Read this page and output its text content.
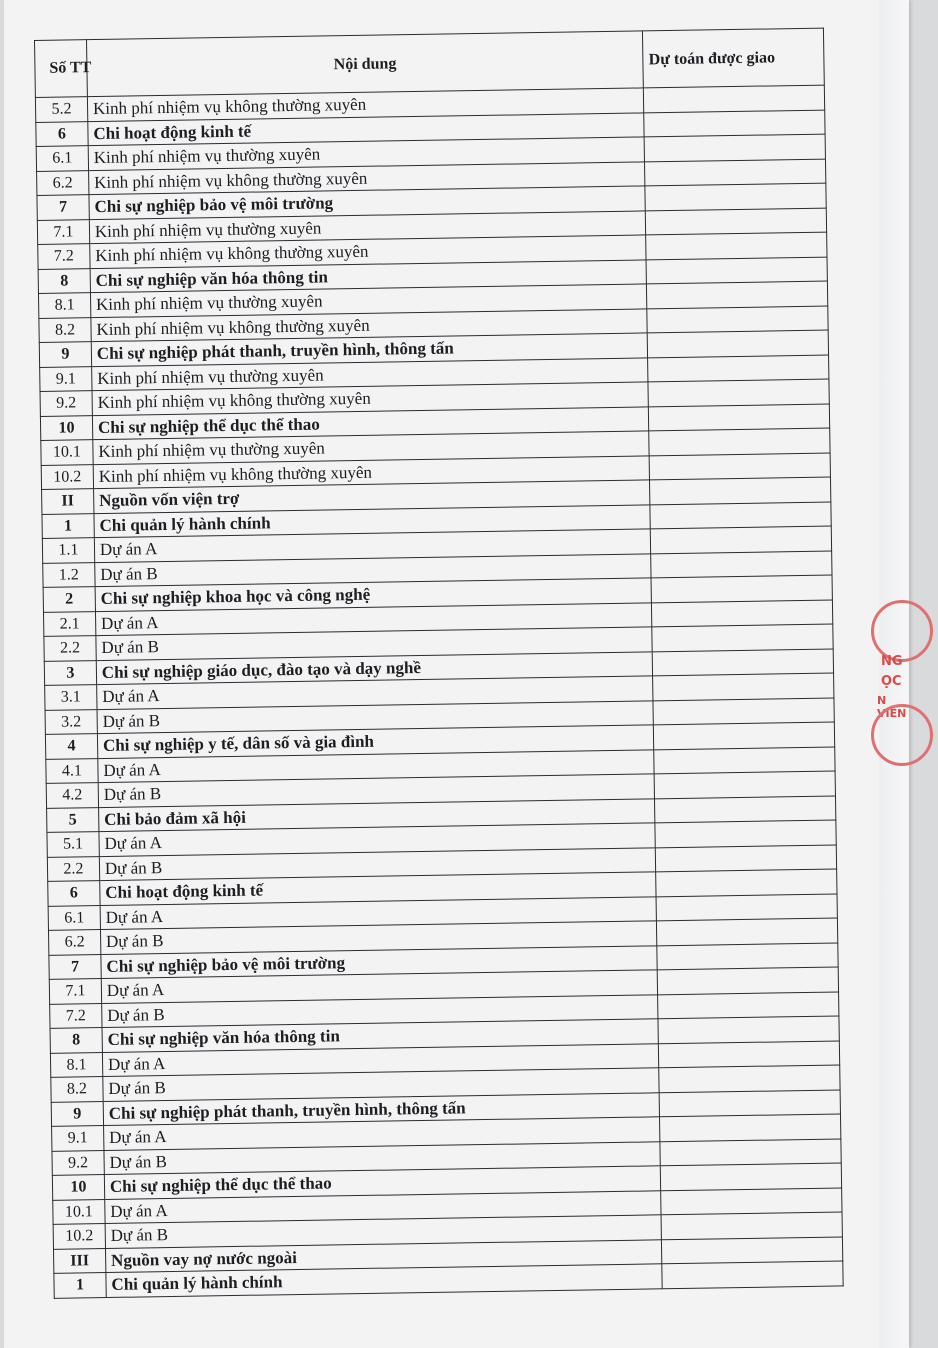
Số TT	Nội dung	Dự toán được giao
5.2	Kinh phí nhiệm vụ không thường xuyên	
6	Chi hoạt động kinh tế	
6.1	Kinh phí nhiệm vụ thường xuyên	
6.2	Kinh phí nhiệm vụ không thường xuyên	
7	Chi sự nghiệp bảo vệ môi trường	
7.1	Kinh phí nhiệm vụ thường xuyên	
7.2	Kinh phí nhiệm vụ không thường xuyên	
8	Chi sự nghiệp văn hóa thông tin	
8.1	Kinh phí nhiệm vụ thường xuyên	
8.2	Kinh phí nhiệm vụ không thường xuyên	
9	Chi sự nghiệp phát thanh, truyền hình, thông tấn	
9.1	Kinh phí nhiệm vụ thường xuyên	
9.2	Kinh phí nhiệm vụ không thường xuyên	
10	Chi sự nghiệp thể dục thể thao	
10.1	Kinh phí nhiệm vụ thường xuyên	
10.2	Kinh phí nhiệm vụ không thường xuyên	
II	Nguồn vốn viện trợ	
1	Chi quản lý hành chính	
1.1	Dự án A	
1.2	Dự án B	
2	Chi sự nghiệp khoa học và công nghệ	
2.1	Dự án A	
2.2	Dự án B	
3	Chi sự nghiệp giáo dục, đào tạo và dạy nghề	
3.1	Dự án A	
3.2	Dự án B	
4	Chi sự nghiệp y tế, dân số và gia đình	
4.1	Dự án A	
4.2	Dự án B	
5	Chi bảo đảm xã hội	
5.1	Dự án A	
2.2	Dự án B	
6	Chi hoạt động kinh tế	
6.1	Dự án A	
6.2	Dự án B	
7	Chi sự nghiệp bảo vệ môi trường	
7.1	Dự án A	
7.2	Dự án B	
8	Chi sự nghiệp văn hóa thông tin	
8.1	Dự án A	
8.2	Dự án B	
9	Chi sự nghiệp phát thanh, truyền hình, thông tấn	
9.1	Dự án A	
9.2	Dự án B	
10	Chi sự nghiệp thể dục thể thao	
10.1	Dự án A	
10.2	Dự án B	
III	Nguồn vay nợ nước ngoài	
1	Chi quản lý hành chính	
NG
ỌC
N VIÊN
